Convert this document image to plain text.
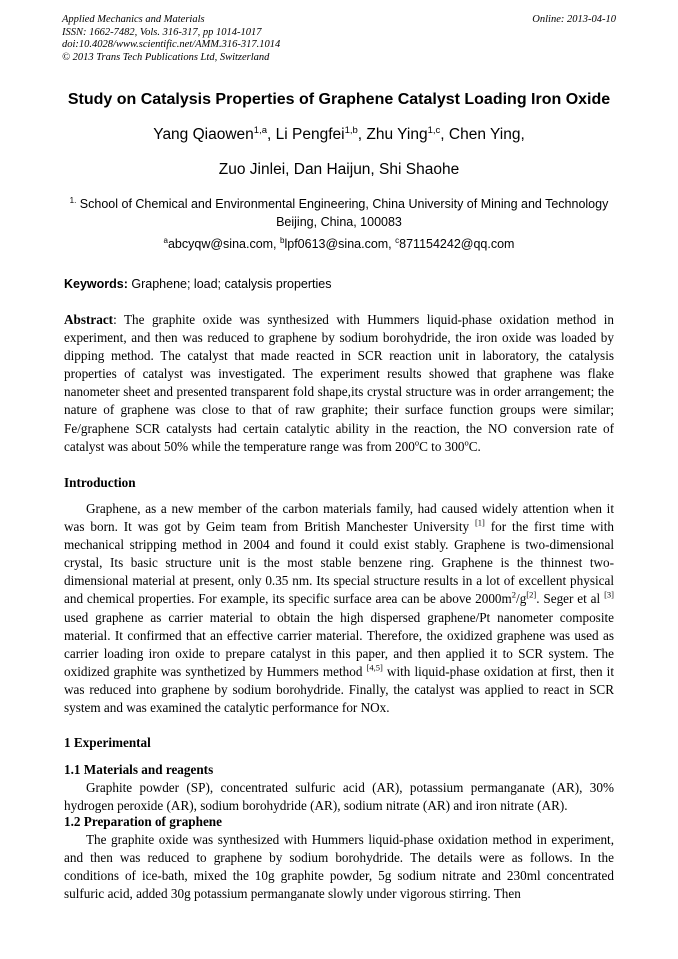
Applied Mechanics and Materials
ISSN: 1662-7482, Vols. 316-317, pp 1014-1017
doi:10.4028/www.scientific.net/AMM.316-317.1014
© 2013 Trans Tech Publications Ltd, Switzerland
Online: 2013-04-10
Study on Catalysis Properties of Graphene Catalyst Loading Iron Oxide
Yang Qiaowen$^{1,a}$, Li Pengfei$^{1,b}$, Zhu Ying$^{1,c}$, Chen Ying,
Zuo Jinlei, Dan Haijun, Shi Shaohe
$^{1.}$ School of Chemical and Environmental Engineering, China University of Mining and Technology
Beijing, China, 100083
$^a$abcyqw@sina.com, $^b$lpf0613@sina.com, $^c$871154242@qq.com
Keywords: Graphene; load; catalysis properties

Abstract: The graphite oxide was synthesized with Hummers liquid-phase oxidation method in experiment, and then was reduced to graphene by sodium borohydride, the iron oxide was loaded by dipping method. The catalyst that made reacted in SCR reaction unit in laboratory, the catalysis properties of catalyst was investigated. The experiment results showed that graphene was flake nanometer sheet and presented transparent fold shape,its crystal structure was in order arrangement; the nature of graphene was close to that of raw graphite; their surface function groups were similar; Fe/graphene SCR catalysts had certain catalytic ability in the reaction, the NO conversion rate of catalyst was about 50% while the temperature range was from 200$^o$C to 300$^o$C.

Introduction

Graphene, as a new member of the carbon materials family, had caused widely attention when it was born. It was got by Geim team from British Manchester University [1] for the first time with mechanical stripping method in 2004 and found it could exist stably. Graphene is two-dimensional crystal, Its basic structure unit is the most stable benzene ring. Graphene is the thinnest two-dimensional material at present, only 0.35 nm. Its special structure results in a lot of excellent physical and chemical properties. For example, its specific surface area can be above $2000m^2/g[2]$. Seger et al [3] used graphene as carrier material to obtain the high dispersed graphene/Pt nanometer composite material. It confirmed that an effective carrier material. Therefore, the oxidized graphene was used as carrier loading iron oxide to prepare catalyst in this paper, and then applied it to SCR system. The oxidized graphite was synthetized by Hummers method [4,5] with liquid-phase oxidation at first, then it was reduced into graphene by sodium borohydride. Finally, the catalyst was applied to react in SCR system and was examined the catalytic performance for NOx.

1 Experimental
1.1 Materials and reagents

Graphite powder (SP), concentrated sulfuric acid (AR), potassium permanganate (AR), 30% hydrogen peroxide (AR), sodium borohydride (AR), sodium nitrate (AR) and iron nitrate (AR).

1.2 Preparation of graphene

The graphite oxide was synthesized with Hummers liquid-phase oxidation method in experiment, and then was reduced to graphene by sodium borohydride. The details were as follows. In the conditions of ice-bath, mixed the 10g graphite powder, 5g sodium nitrate and 230ml concentrated sulfuric acid, added 30g potassium permanganate slowly under vigorous stirring. Then
